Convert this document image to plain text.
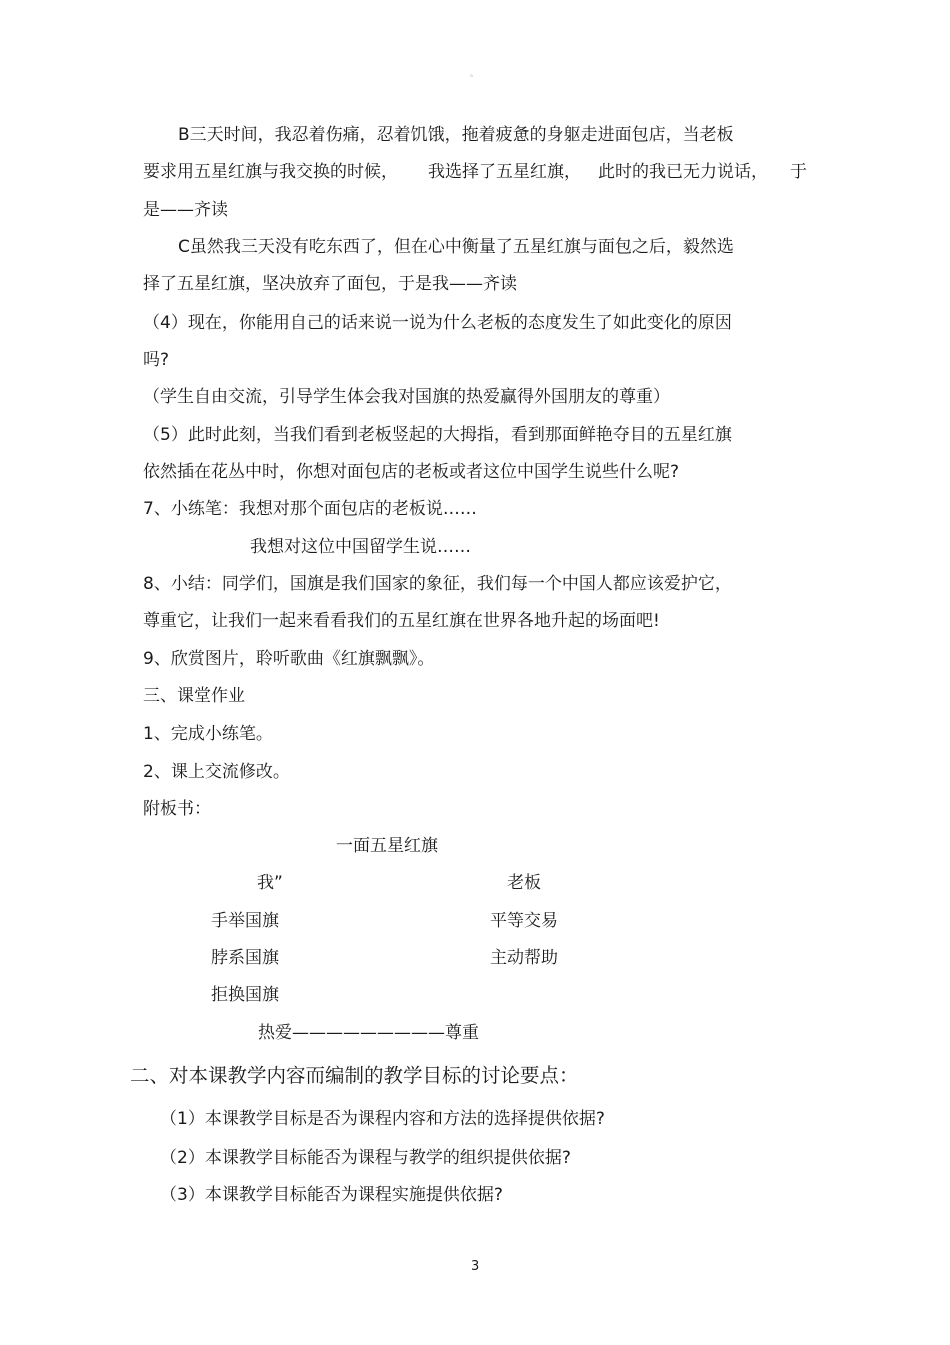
。
B三天时间，我忍着伤痛，忍着饥饿，拖着疲惫的身躯走进面包店，当老板
要求用五星红旗与我交换的时候， 我选择了五星红旗， 此时的我已无力说话， 于
是——齐读
C虽然我三天没有吃东西了，但在心中衡量了五星红旗与面包之后，毅然选
择了五星红旗，坚决放弃了面包，于是我——齐读
（4）现在，你能用自己的话来说一说为什么老板的态度发生了如此变化的原因
吗?
（学生自由交流，引导学生体会我对国旗的热爱赢得外国朋友的尊重）
（5）此时此刻，当我们看到老板竖起的大拇指，看到那面鲜艳夺目的五星红旗
依然插在花丛中时，你想对面包店的老板或者这位中国学生说些什么呢?
7、小练笔：我想对那个面包店的老板说……
我想对这位中国留学生说……
8、小结：同学们，国旗是我们国家的象征，我们每一个中国人都应该爱护它，
尊重它，让我们一起来看看我们的五星红旗在世界各地升起的场面吧!
9、欣赏图片，聆听歌曲《红旗飘飘》。
三、课堂作业
1、完成小练笔。
2、课上交流修改。
附板书：
一面五星红旗
我”	老板
手举国旗	平等交易
脖系国旗	主动帮助
拒换国旗
热爱—————————尊重
二、对本课教学内容而编制的教学目标的讨论要点：
（1）本课教学目标是否为课程内容和方法的选择提供依据?
（2）本课教学目标能否为课程与教学的组织提供依据?
（3）本课教学目标能否为课程实施提供依据?
3
